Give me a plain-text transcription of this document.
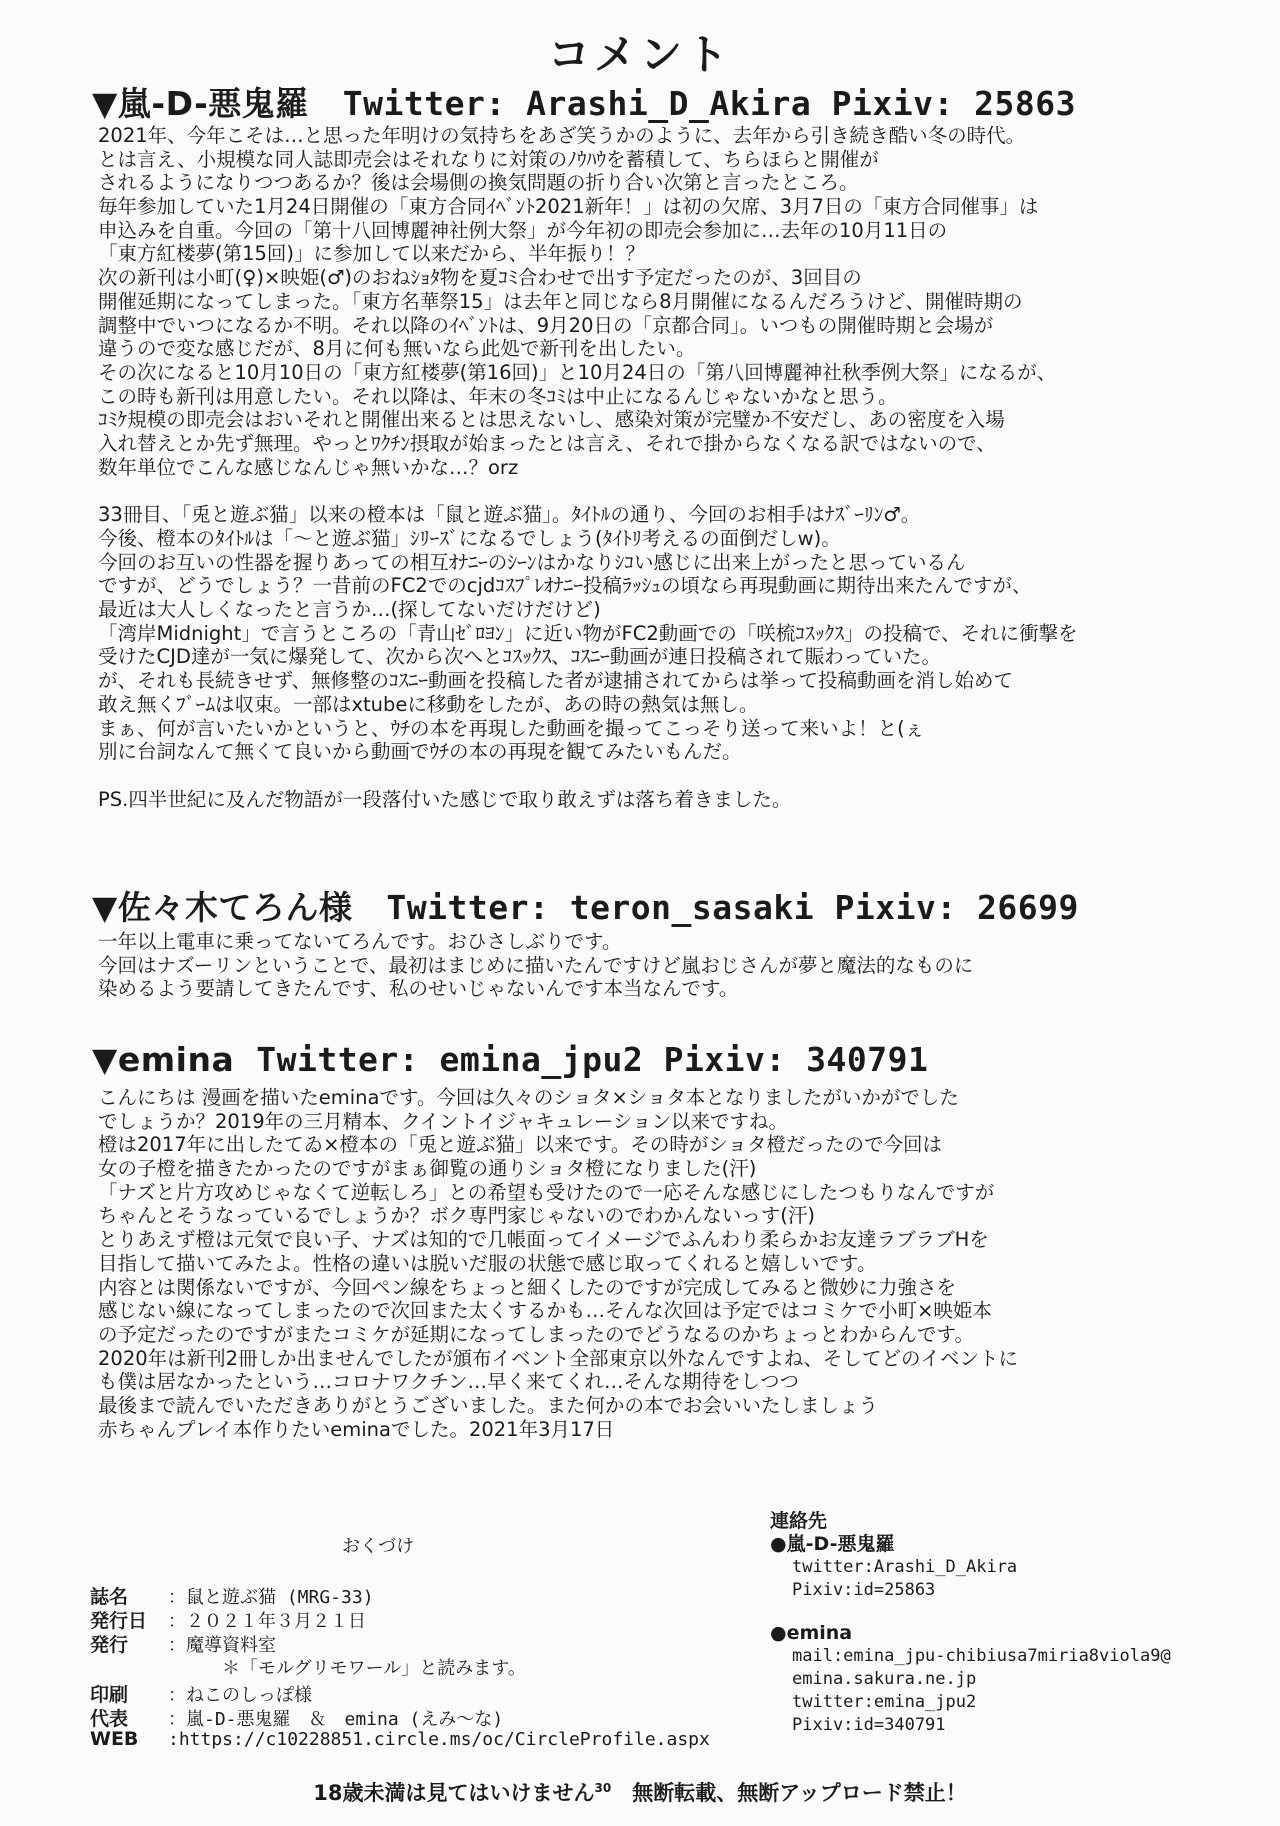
コメント
▼嵐-D-悪鬼羅 Twitter: Arashi_D_Akira Pixiv: 25863
2021年、今年こそは…と思った年明けの気持ちをあざ笑うかのように、去年から引き続き酷い冬の時代。
とは言え、小規模な同人誌即売会はそれなりに対策のﾉｳﾊｳを蓄積して、ちらほらと開催が
されるようになりつつあるか？後は会場側の換気問題の折り合い次第と言ったところ。
毎年参加していた1月24日開催の「東方合同ｲﾍﾞﾝﾄ2021新年！」は初の欠席、3月7日の「東方合同催事」は
申込みを自重。今回の「第十八回博麗神社例大祭」が今年初の即売会参加に…去年の10月11日の
「東方紅楼夢(第15回)」に参加して以来だから、半年振り！？
次の新刊は小町(♀)×映姫(♂)のおねｼｮﾀ物を夏ｺﾐ合わせで出す予定だったのが、3回目の
開催延期になってしまった。「東方名華祭15」は去年と同じなら8月開催になるんだろうけど、開催時期の
調整中でいつになるか不明。それ以降のｲﾍﾞﾝﾄは、9月20日の「京都合同」。いつもの開催時期と会場が
違うので変な感じだが、8月に何も無いなら此処で新刊を出したい。
その次になると10月10日の「東方紅楼夢(第16回)」と10月24日の「第八回博麗神社秋季例大祭」になるが、
この時も新刊は用意したい。それ以降は、年末の冬ｺﾐは中止になるんじゃないかなと思う。
ｺﾐｹ規模の即売会はおいそれと開催出来るとは思えないし、感染対策が完璧か不安だし、あの密度を入場
入れ替えとか先ず無理。やっとﾜｸﾁﾝ摂取が始まったとは言え、それで掛からなくなる訳ではないので、
数年単位でこんな感じなんじゃ無いかな…？orz
33冊目、「兎と遊ぶ猫」以来の橙本は「鼠と遊ぶ猫」。ﾀｲﾄﾙの通り、今回のお相手はﾅｽﾞｰﾘﾝ♂。
今後、橙本のﾀｲﾄﾙは「～と遊ぶ猫」ｼﾘｰｽﾞになるでしょう(ﾀｲﾄﾘ考えるの面倒だしw)。
今回のお互いの性器を握りあっての相互ｵﾅﾆｰのｼｰﾝはかなりｼｺい感じに出来上がったと思っているん
ですが、どうでしょう？一昔前のFC2でのcjdｺｽﾌﾟﾚｵﾅﾆｰ投稿ﾗｯｼｭの頃なら再現動画に期待出来たんですが、
最近は大人しくなったと言うか…(探してないだけだけど)
「湾岸Midnight」で言うところの「青山ｾﾞﾛﾖﾝ」に近い物がFC2動画での「咲梳ｺｽｯｸｽ」の投稿で、それに衝撃を
受けたCJD達が一気に爆発して、次から次へとｺｽｯｸｽ、ｺｽﾆｰ動画が連日投稿されて賑わっていた。
が、それも長続きせず、無修整のｺｽﾆｰ動画を投稿した者が逮捕されてからは挙って投稿動画を消し始めて
敢え無くﾌﾞｰﾑは収束。一部はxtubeに移動をしたが、あの時の熱気は無し。
まぁ、何が言いたいかというと、ｳﾁの本を再現した動画を撮ってこっそり送って来いよ！と(ぇ
別に台詞なんて無くて良いから動画でｳﾁの本の再現を観てみたいもんだ。
PS.四半世紀に及んだ物語が一段落付いた感じで取り敢えずは落ち着きました。
▼佐々木てろん様 Twitter: teron_sasaki Pixiv: 26699
一年以上電車に乗ってないてろんです。おひさしぶりです。
今回はナズーリンということで、最初はまじめに描いたんですけど嵐おじさんが夢と魔法的なものに
染めるよう要請してきたんです、私のせいじゃないんです本当なんです。
▼emina Twitter: emina_jpu2 Pixiv: 340791
こんにちは 漫画を描いたeminaです。今回は久々のショタ×ショタ本となりましたがいかがでした
でしょうか？2019年の三月精本、クイントイジャキュレーション以来ですね。
橙は2017年に出したてゐ×橙本の「兎と遊ぶ猫」以来です。その時がショタ橙だったので今回は
女の子橙を描きたかったのですがまぁ御覧の通りショタ橙になりました(汗)
「ナズと片方攻めじゃなくて逆転しろ」との希望も受けたので一応そんな感じにしたつもりなんですが
ちゃんとそうなっているでしょうか？ボク専門家じゃないのでわかんないっす(汗)
とりあえず橙は元気で良い子、ナズは知的で几帳面ってイメージでふんわり柔らかお友達ラブラブHを
目指して描いてみたよ。性格の違いは脱いだ服の状態で感じ取ってくれると嬉しいです。
内容とは関係ないですが、今回ペン線をちょっと細くしたのですが完成してみると微妙に力強さを
感じない線になってしまったので次回また太くするかも…そんな次回は予定ではコミケで小町×映姫本
の予定だったのですがまたコミケが延期になってしまったのでどうなるのかちょっとわからんです。
2020年は新刊2冊しか出ませんでしたが頒布イベント全部東京以外なんですよね、そしてどのイベントに
も僕は居なかったという…コロナワクチン…早く来てくれ…そんな期待をしつつ
最後まで読んでいただきありがとうございました。また何かの本でお会いいたしましょう
赤ちゃんプレイ本作りたいeminaでした。2021年3月17日
おくづけ
誌名 ：鼠と遊ぶ猫 (MRG-33)
発行日 ：２０２１年３月２１日
発行 ：魔導資料室
　　　＊「モルグリモワール」と読みます。
印刷 ：ねこのしっぽ様
代表 ：嵐-D-悪鬼羅　＆　emina (えみ～な)
WEB :https://c10228851.circle.ms/oc/CircleProfile.aspx
連絡先
●嵐-D-悪鬼羅
twitter:Arashi_D_Akira
Pixiv:id=25863
●emina
mail:emina_jpu-chibiusa7miria8viola9@
emina.sakura.ne.jp
twitter:emina_jpu2
Pixiv:id=340791
18歳未満は見てはいけません$^{30}$　無断転載、無断アップロード禁止！
